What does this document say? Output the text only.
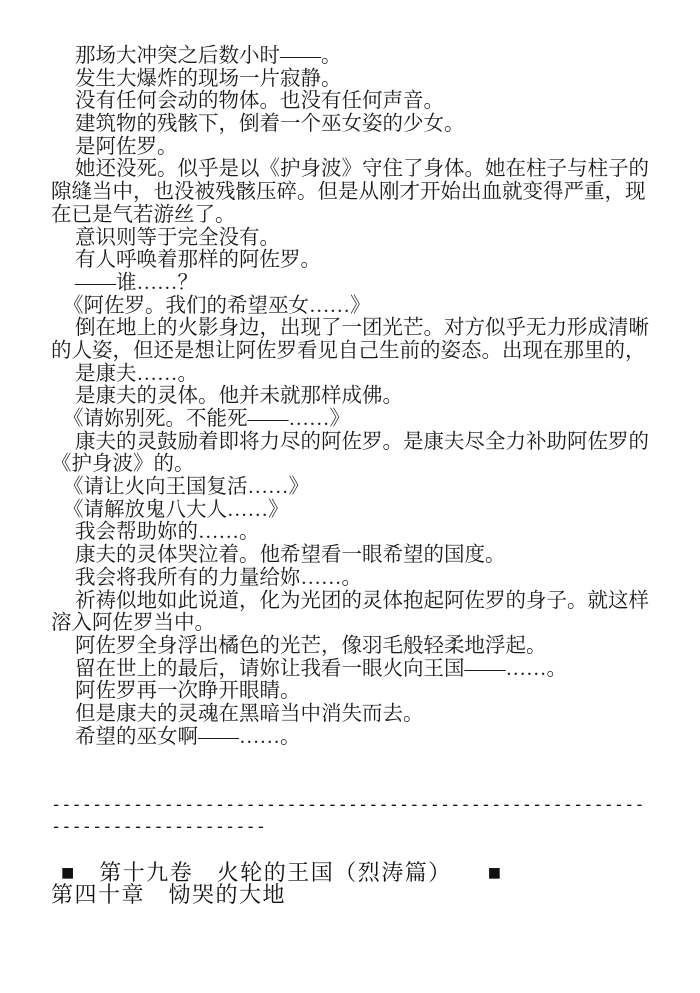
那场大冲突之后数小时——。
发生大爆炸的现场一片寂静。
没有任何会动的物体。也没有任何声音。
建筑物的残骸下，倒着一个巫女姿的少女。
是阿佐罗。
她还没死。似乎是以《护身波》守住了身体。她在柱子与柱子的
隙缝当中，也没被残骸压碎。但是从刚才开始出血就变得严重，现
在已是气若游丝了。
意识则等于完全没有。
有人呼唤着那样的阿佐罗。
——谁……？
《阿佐罗。我们的希望巫女……》
倒在地上的火影身边，出现了一团光芒。对方似乎无力形成清晰
的人姿，但还是想让阿佐罗看见自己生前的姿态。出现在那里的，
是康夫……。
是康夫的灵体。他并未就那样成佛。
《请妳别死。不能死——……》
康夫的灵鼓励着即将力尽的阿佐罗。是康夫尽全力补助阿佐罗的
《护身波》的。
《请让火向王国复活……》
《请解放鬼八大人……》
我会帮助妳的……。
康夫的灵体哭泣着。他希望看一眼希望的国度。
我会将我所有的力量给妳……。
祈祷似地如此说道，化为光团的灵体抱起阿佐罗的身子。就这样
溶入阿佐罗当中。
阿佐罗全身浮出橘色的光芒，像羽毛般轻柔地浮起。
留在世上的最后，请妳让我看一眼火向王国——……。
阿佐罗再一次睁开眼睛。
但是康夫的灵魂在黑暗当中消失而去。
希望的巫女啊——……。
----------------------------------------------------------
---------------------
■　第十九卷　火轮的王国（烈涛篇）　　■
第四十章　恸哭的大地
